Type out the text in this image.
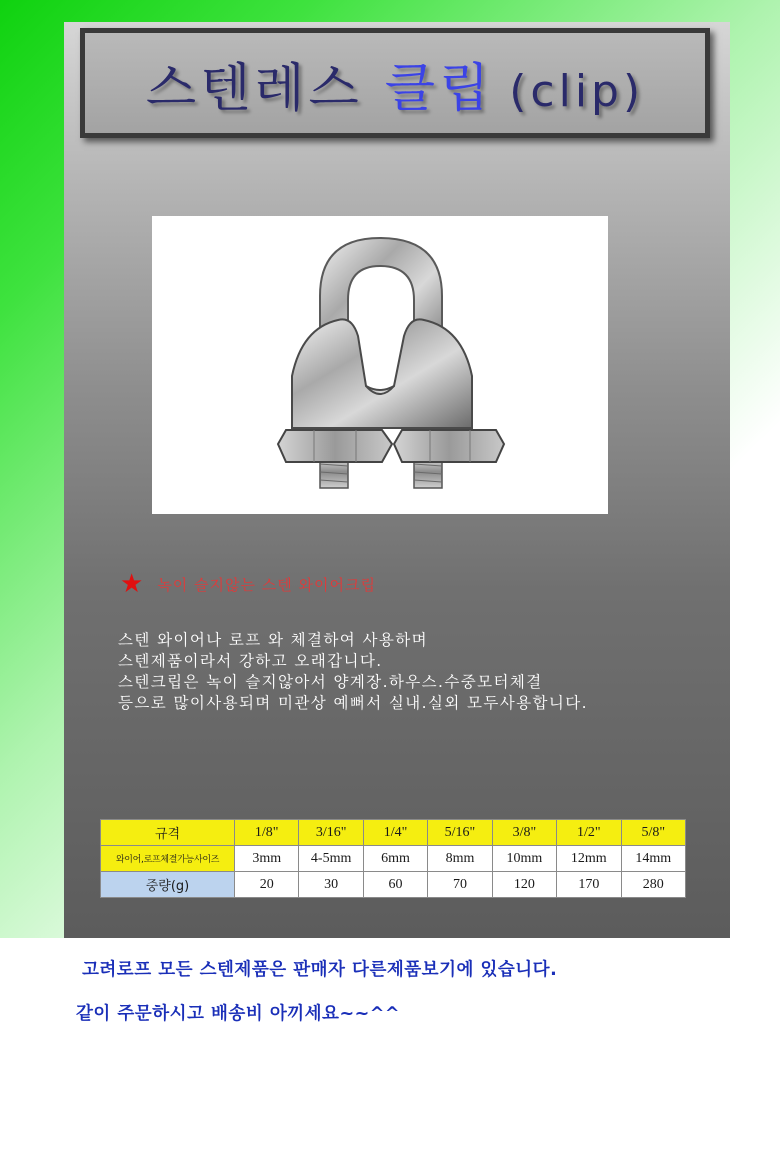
스텐레스 클립 (clip)
★ 녹이 슬지않는 스텐 와이어크립
스텐 와이어나 로프 와 체결하여 사용하며
스텐제품이라서 강하고 오래갑니다.
스텐크립은 녹이 슬지않아서 양계장.하우스.수중모터체결
등으로 많이사용되며 미관상 예뻐서 실내.실외 모두사용합니다.
규격	1/8"	3/16"	1/4"	5/16"	3/8"	1/2"	5/8"
와이어,로프체결가능사이즈	3mm	4-5mm	6mm	8mm	10mm	12mm	14mm
중량(g)	20	30	60	70	120	170	280
고려로프 모든 스텐제품은 판매자 다른제품보기에 있습니다.
같이 주문하시고 배송비 아끼세요~~^^
